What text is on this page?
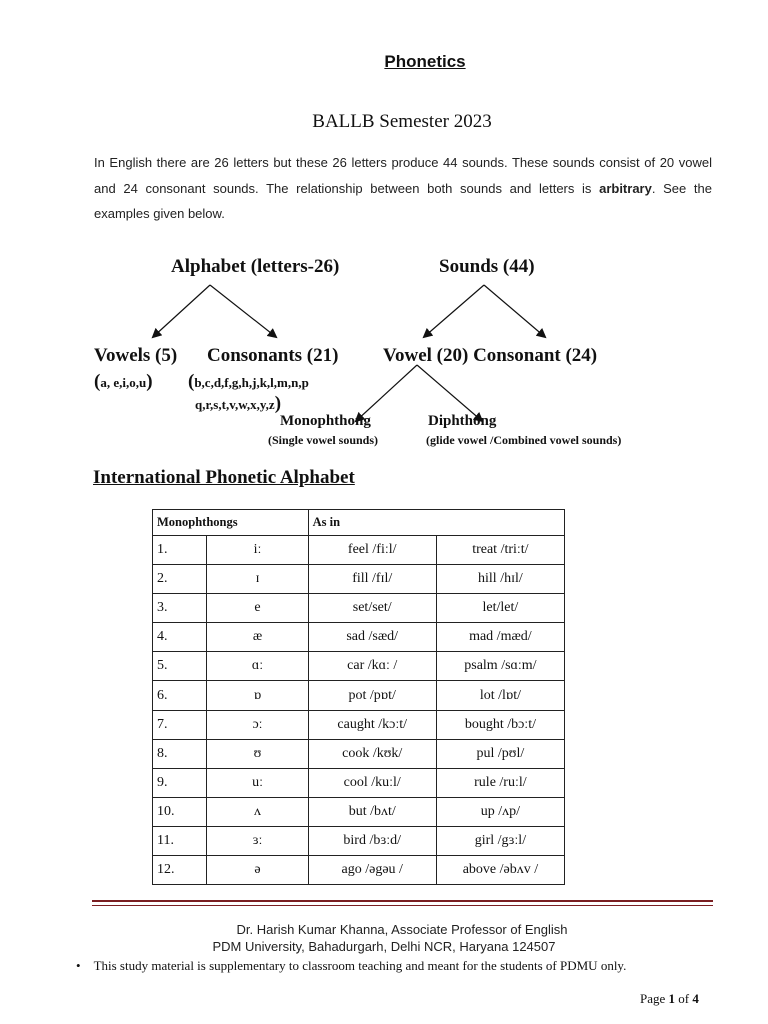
Phonetics
BALLB Semester 2023
In English there are 26 letters but these 26 letters produce 44 sounds. These sounds consist of 20 vowel and 24 consonant sounds. The relationship between both sounds and letters is arbitrary. See the examples given below.
Alphabet (letters-26)	Sounds (44)
Vowels (5) Consonants (21) Vowel (20) Consonant (24)
(a, e,i,o,u) (b,c,d,f,g,h,j,k,l,m,n,p
q,r,s,t,v,w,x,y,z)
Monophthong	Diphthong
(Single vowel sounds)	(glide vowel /Combined vowel sounds)
International Phonetic Alphabet
Monophthongs		As in	
1.	iː	feel /fiːl/	treat /triːt/
2.	ɪ	fill /fɪl/	hill /hɪl/
3.	e	set/set/	let/let/
4.	æ	sad /sæd/	mad /mæd/
5.	ɑː	car /kɑː /	psalm /sɑːm/
6.	ɒ	pot /pɒt/	lot /lɒt/
7.	ɔː	caught /kɔːt/	bought /bɔːt/
8.	ʊ	cook /kʊk/	pul /pʊl/
9.	uː	cool /kuːl/	rule /ruːl/
10.	ʌ	but /bʌt/	up /ʌp/
11.	ɜː	bird /bɜːd/	girl /gɜːl/
12.	ə	ago /əgəu /	above /əbʌv /
Dr. Harish Kumar Khanna, Associate Professor of English
PDM University, Bahadurgarh, Delhi NCR, Haryana 124507
•    This study material is supplementary to classroom teaching and meant for the students of PDMU only.
Page 1 of 4
